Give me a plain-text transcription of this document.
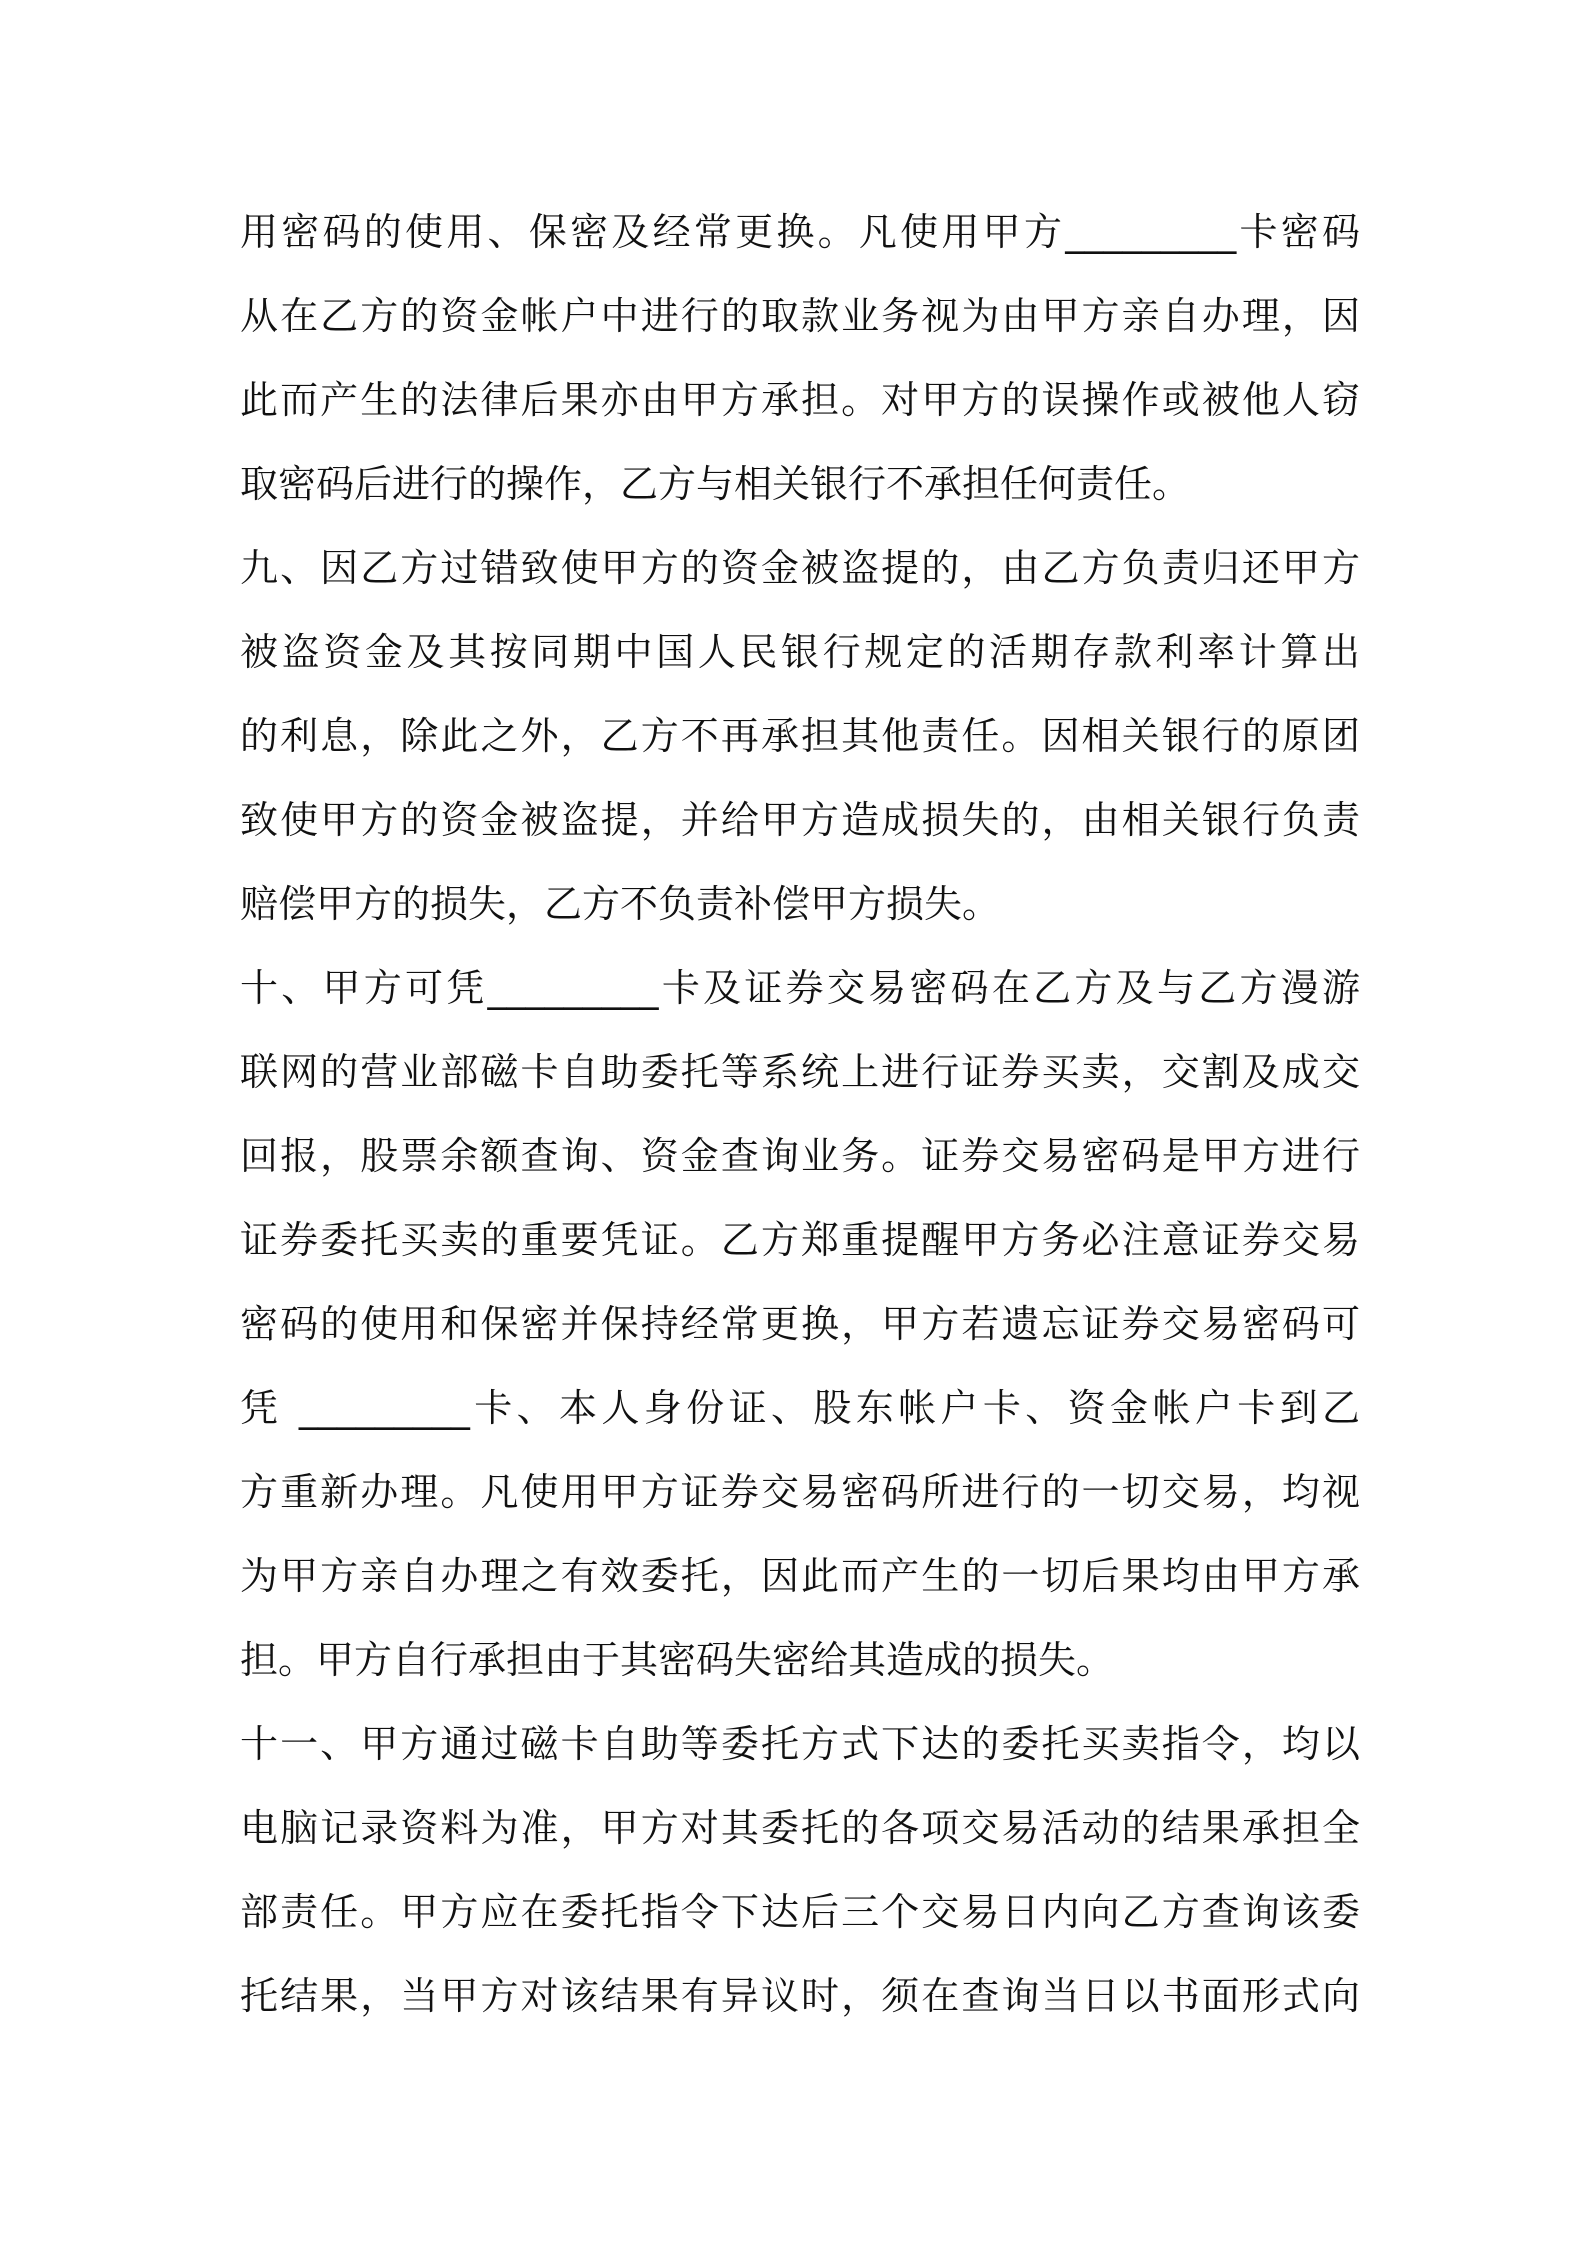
用密码的使用、保密及经常更换。凡使用甲方_________卡密码
从在乙方的资金帐户中进行的取款业务视为由甲方亲自办理，因
此而产生的法律后果亦由甲方承担。对甲方的误操作或被他人窃
取密码后进行的操作，乙方与相关银行不承担任何责任。
九、因乙方过错致使甲方的资金被盗提的，由乙方负责归还甲方
被盗资金及其按同期中国人民银行规定的活期存款利率计算出
的利息，除此之外，乙方不再承担其他责任。因相关银行的原团
致使甲方的资金被盗提，并给甲方造成损失的，由相关银行负责
赔偿甲方的损失，乙方不负责补偿甲方损失。
十、甲方可凭_________卡及证券交易密码在乙方及与乙方漫游
联网的营业部磁卡自助委托等系统上进行证券买卖，交割及成交
回报，股票余额查询、资金查询业务。证券交易密码是甲方进行
证券委托买卖的重要凭证。乙方郑重提醒甲方务必注意证券交易
密码的使用和保密并保持经常更换，甲方若遗忘证券交易密码可
凭 _________卡、本人身份证、股东帐户卡、资金帐户卡到乙
方重新办理。凡使用甲方证券交易密码所进行的一切交易，均视
为甲方亲自办理之有效委托，因此而产生的一切后果均由甲方承
担。甲方自行承担由于其密码失密给其造成的损失。
十一、甲方通过磁卡自助等委托方式下达的委托买卖指令，均以
电脑记录资料为准，甲方对其委托的各项交易活动的结果承担全
部责任。甲方应在委托指令下达后三个交易日内向乙方查询该委
托结果，当甲方对该结果有异议时，须在查询当日以书面形式向
